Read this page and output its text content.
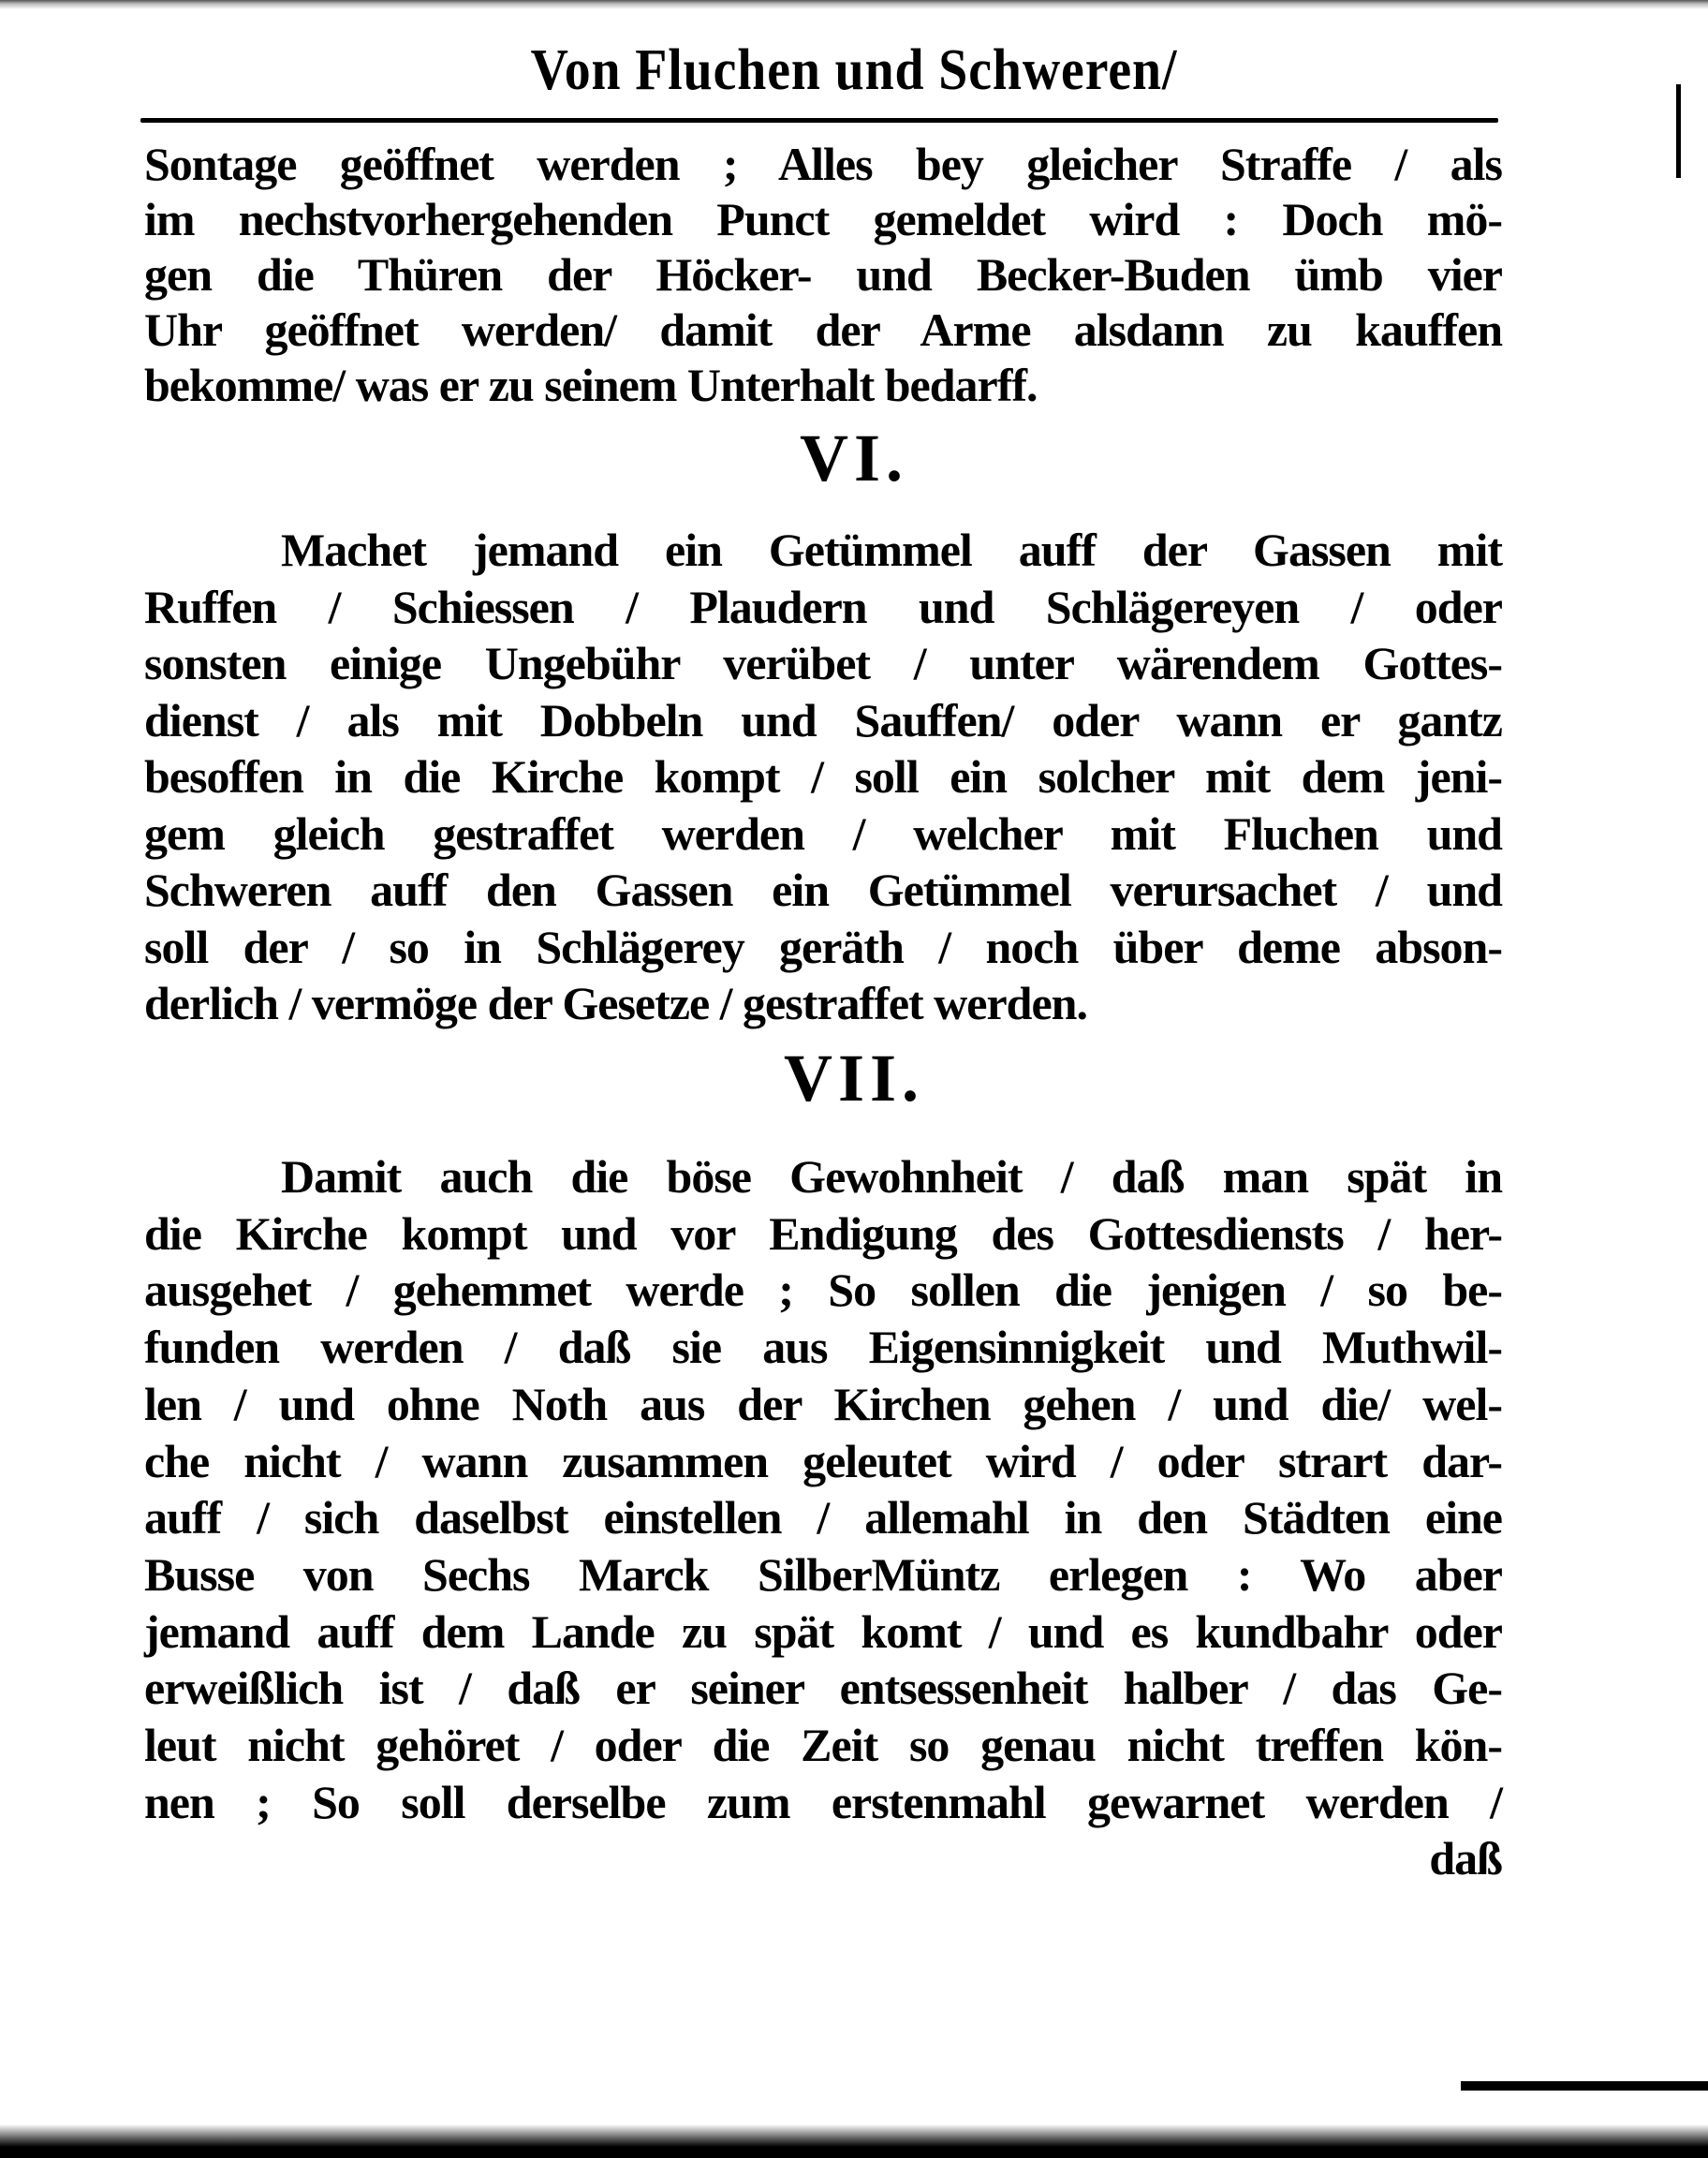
Von Fluchen und Schweren/
Sontage geöffnet werden ; Alles bey gleicher Straffe / als
im nechstvorhergehenden Punct gemeldet wird : Doch mö-
gen die Thüren der Höcker- und Becker-Buden ümb vier
Uhr geöffnet werden/ damit der Arme alsdann zu kauffen
bekomme/ was er zu seinem Unterhalt bedarff.
VI.
Machet jemand ein Getümmel auff der Gassen mit
Ruffen / Schiessen / Plaudern und Schlägereyen / oder
sonsten einige Ungebühr verübet / unter wärendem Gottes-
dienst / als mit Dobbeln und Sauffen/ oder wann er gantz
besoffen in die Kirche kompt / soll ein solcher mit dem jeni-
gem gleich gestraffet werden / welcher mit Fluchen und
Schweren auff den Gassen ein Getümmel verursachet / und
soll der / so in Schlägerey geräth / noch über deme abson-
derlich / vermöge der Gesetze / gestraffet werden.
VII.
Damit auch die böse Gewohnheit / daß man spät in
die Kirche kompt und vor Endigung des Gottesdiensts / her-
ausgehet / gehemmet werde ; So sollen die jenigen / so be-
funden werden / daß sie aus Eigensinnigkeit und Muthwil-
len / und ohne Noth aus der Kirchen gehen / und die/ wel-
che nicht / wann zusammen geleutet wird / oder strart dar-
auff / sich daselbst einstellen / allemahl in den Städten eine
Busse von Sechs Marck SilberMüntz erlegen : Wo aber
jemand auff dem Lande zu spät komt / und es kundbahr oder
erweißlich ist / daß er seiner entsessenheit halber / das Ge-
leut nicht gehöret / oder die Zeit so genau nicht treffen kön-
nen ; So soll derselbe zum erstenmahl gewarnet werden /
daß
